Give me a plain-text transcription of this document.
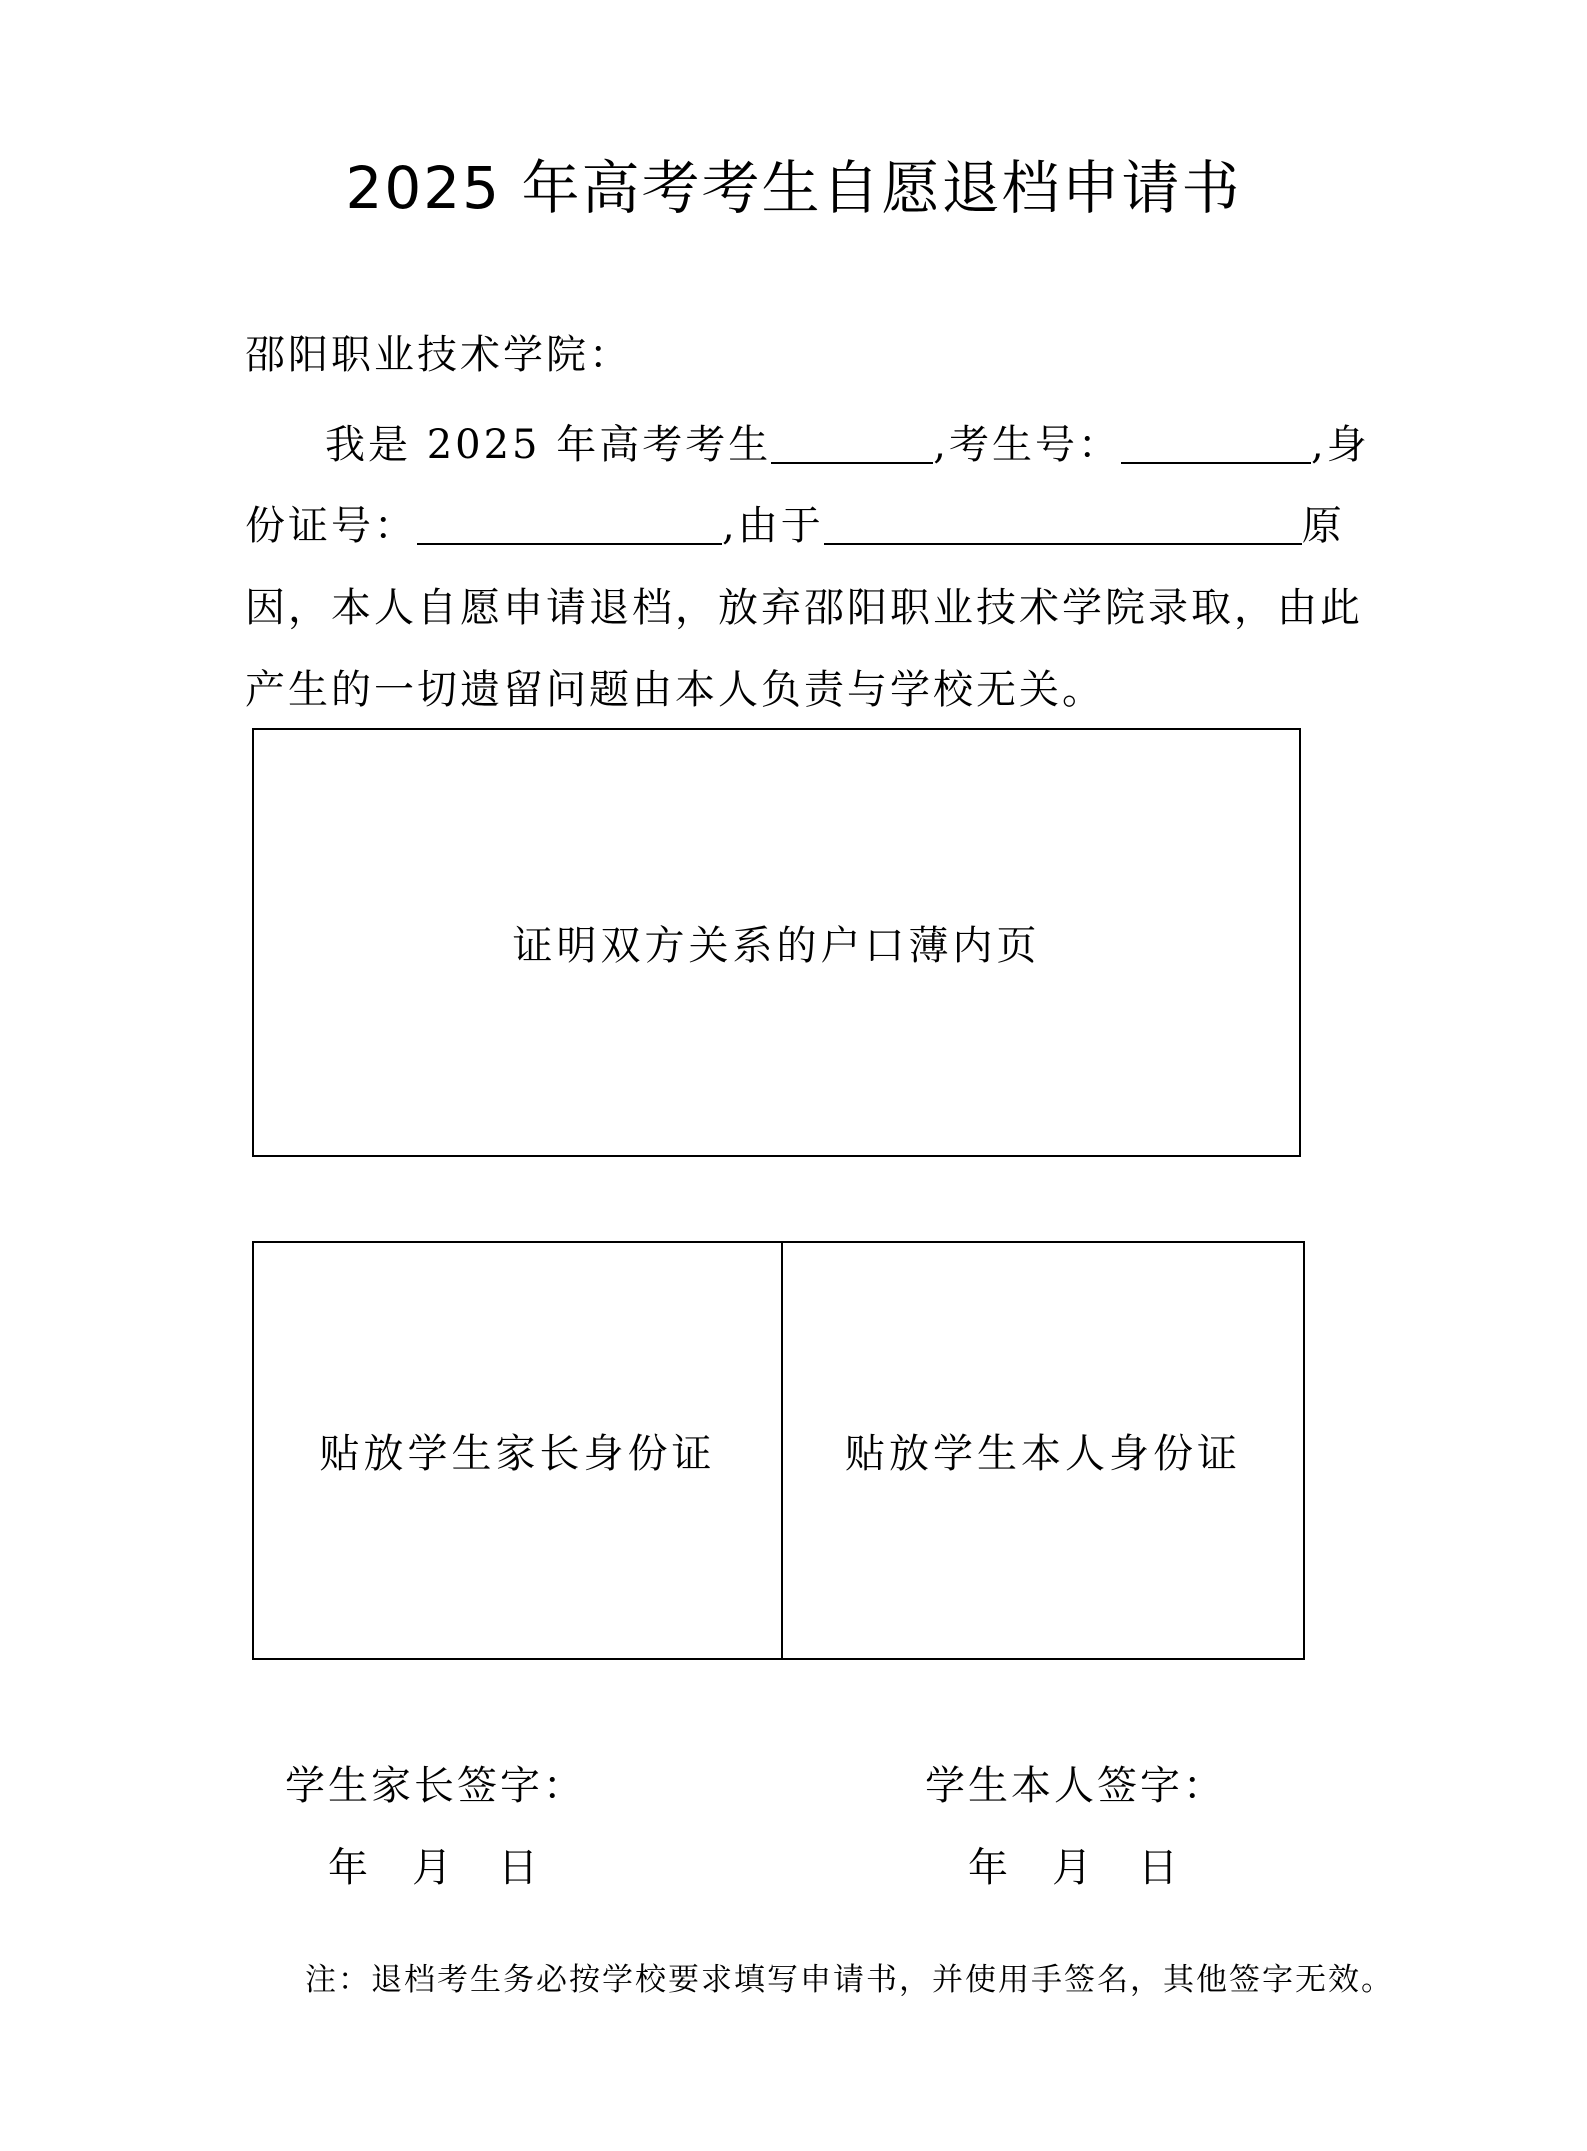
2025 年高考考生自愿退档申请书
邵阳职业技术学院：
我是 2025 年高考考生	,考生号：	,身
份证号：	,由于	原
因，本人自愿申请退档，放弃邵阳职业技术学院录取，由此
产生的一切遗留问题由本人负责与学校无关。
证明双方关系的户口薄内页
贴放学生家长身份证	贴放学生本人身份证
学生家长签字：	学生本人签字：
年 月 日	年 月 日
注：退档考生务必按学校要求填写申请书，并使用手签名，其他签字无效。
